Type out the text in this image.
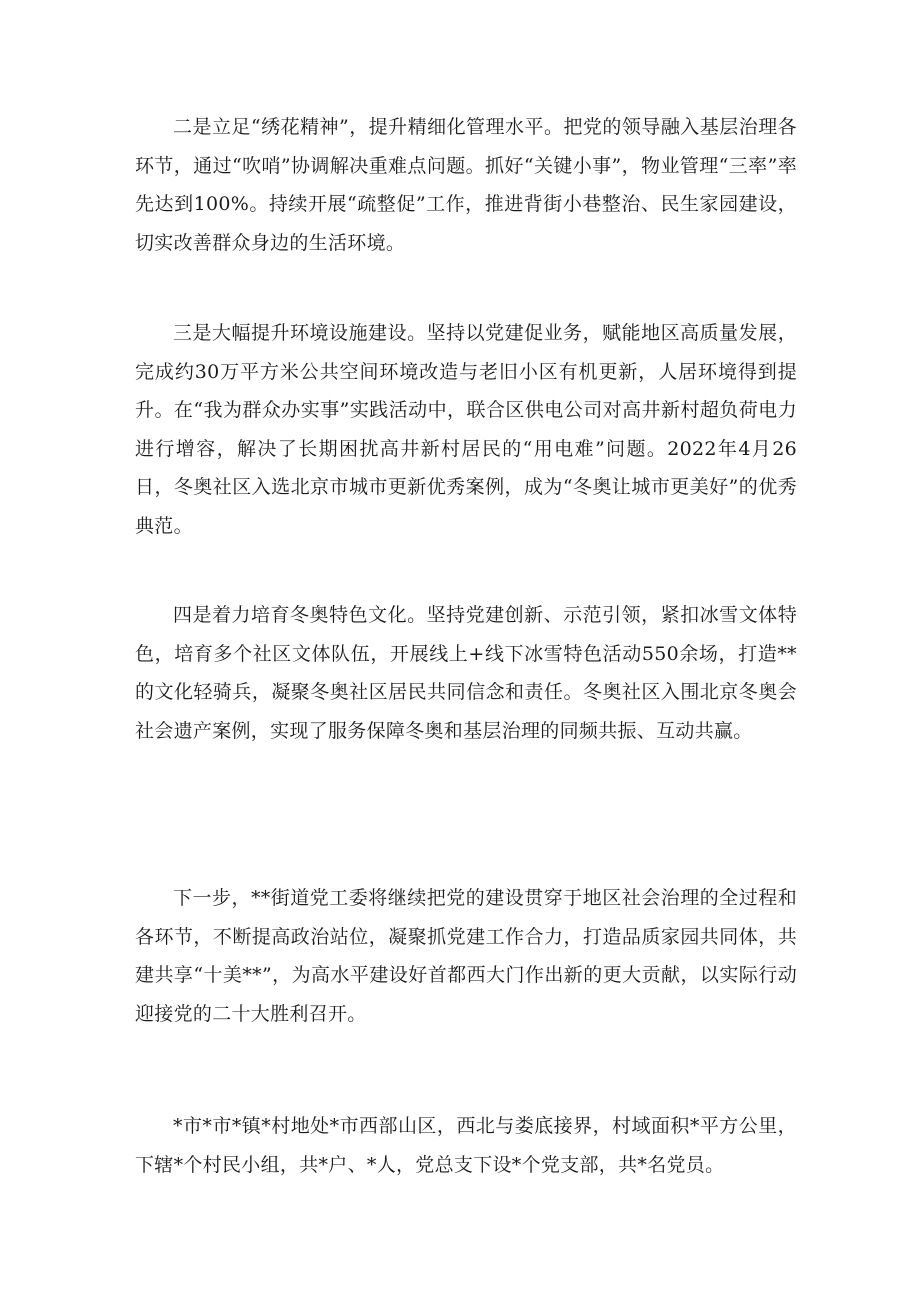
二是立足“绣花精神”，提升精细化管理水平。把党的领导融入基层治理各环节，通过“吹哨”协调解决重难点问题。抓好“关键小事”，物业管理“三率”率先达到100%。持续开展“疏整促”工作，推进背街小巷整治、民生家园建设，切实改善群众身边的生活环境。

三是大幅提升环境设施建设。坚持以党建促业务，赋能地区高质量发展，完成约30万平方米公共空间环境改造与老旧小区有机更新，人居环境得到提升。在“我为群众办实事”实践活动中，联合区供电公司对高井新村超负荷电力进行增容，解决了长期困扰高井新村居民的“用电难”问题。2022年4月26日，冬奥社区入选北京市城市更新优秀案例，成为“冬奥让城市更美好”的优秀典范。

四是着力培育冬奥特色文化。坚持党建创新、示范引领，紧扣冰雪文体特色，培育多个社区文体队伍，开展线上+线下冰雪特色活动550余场，打造**的文化轻骑兵，凝聚冬奥社区居民共同信念和责任。冬奥社区入围北京冬奥会社会遗产案例，实现了服务保障冬奥和基层治理的同频共振、互动共赢。

下一步，**街道党工委将继续把党的建设贯穿于地区社会治理的全过程和各环节，不断提高政治站位，凝聚抓党建工作合力，打造品质家园共同体，共建共享“十美**”，为高水平建设好首都西大门作出新的更大贡献，以实际行动迎接党的二十大胜利召开。

*市*市*镇*村地处*市西部山区，西北与娄底接界，村域面积*平方公里，下辖*个村民小组，共*户、*人，党总支下设*个党支部，共*名党员。
